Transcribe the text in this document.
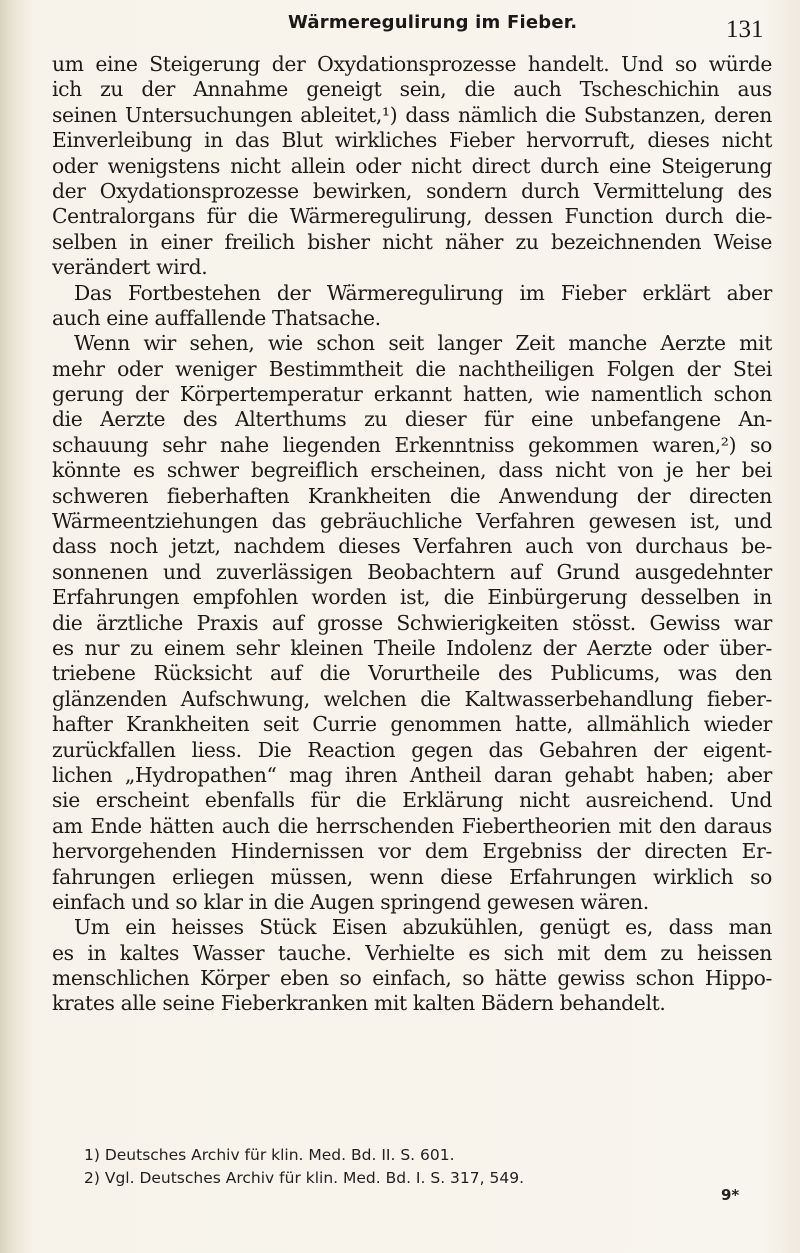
Wärmeregulirung im Fieber.	131
um eine Steigerung der Oxydationsprozesse handelt. Und so würde
ich zu der Annahme geneigt sein, die auch Tscheschichin aus
seinen Untersuchungen ableitet,¹) dass nämlich die Substanzen, deren
Einverleibung in das Blut wirkliches Fieber hervorruft, dieses nicht
oder wenigstens nicht allein oder nicht direct durch eine Steigerung
der Oxydationsprozesse bewirken, sondern durch Vermittelung des
Centralorgans für die Wärmeregulirung, dessen Function durch die-
selben in einer freilich bisher nicht näher zu bezeichnenden Weise
verändert wird.
Das Fortbestehen der Wärmeregulirung im Fieber erklärt aber
auch eine auffallende Thatsache.
Wenn wir sehen, wie schon seit langer Zeit manche Aerzte mit
mehr oder weniger Bestimmtheit die nachtheiligen Folgen der Stei
gerung der Körpertemperatur erkannt hatten, wie namentlich schon
die Aerzte des Alterthums zu dieser für eine unbefangene An-
schauung sehr nahe liegenden Erkenntniss gekommen waren,²) so
könnte es schwer begreiflich erscheinen, dass nicht von je her bei
schweren fieberhaften Krankheiten die Anwendung der directen
Wärmeentziehungen das gebräuchliche Verfahren gewesen ist, und
dass noch jetzt, nachdem dieses Verfahren auch von durchaus be-
sonnenen und zuverlässigen Beobachtern auf Grund ausgedehnter
Erfahrungen empfohlen worden ist, die Einbürgerung desselben in
die ärztliche Praxis auf grosse Schwierigkeiten stösst. Gewiss war
es nur zu einem sehr kleinen Theile Indolenz der Aerzte oder über-
triebene Rücksicht auf die Vorurtheile des Publicums, was den
glänzenden Aufschwung, welchen die Kaltwasserbehandlung fieber-
hafter Krankheiten seit Currie genommen hatte, allmählich wieder
zurückfallen liess. Die Reaction gegen das Gebahren der eigent-
lichen „Hydropathen“ mag ihren Antheil daran gehabt haben; aber
sie erscheint ebenfalls für die Erklärung nicht ausreichend. Und
am Ende hätten auch die herrschenden Fiebertheorien mit den daraus
hervorgehenden Hindernissen vor dem Ergebniss der directen Er-
fahrungen erliegen müssen, wenn diese Erfahrungen wirklich so
einfach und so klar in die Augen springend gewesen wären.
Um ein heisses Stück Eisen abzukühlen, genügt es, dass man
es in kaltes Wasser tauche. Verhielte es sich mit dem zu heissen
menschlichen Körper eben so einfach, so hätte gewiss schon Hippo-
krates alle seine Fieberkranken mit kalten Bädern behandelt.
1) Deutsches Archiv für klin. Med. Bd. II. S. 601.
2) Vgl. Deutsches Archiv für klin. Med. Bd. I. S. 317, 549.
9*
